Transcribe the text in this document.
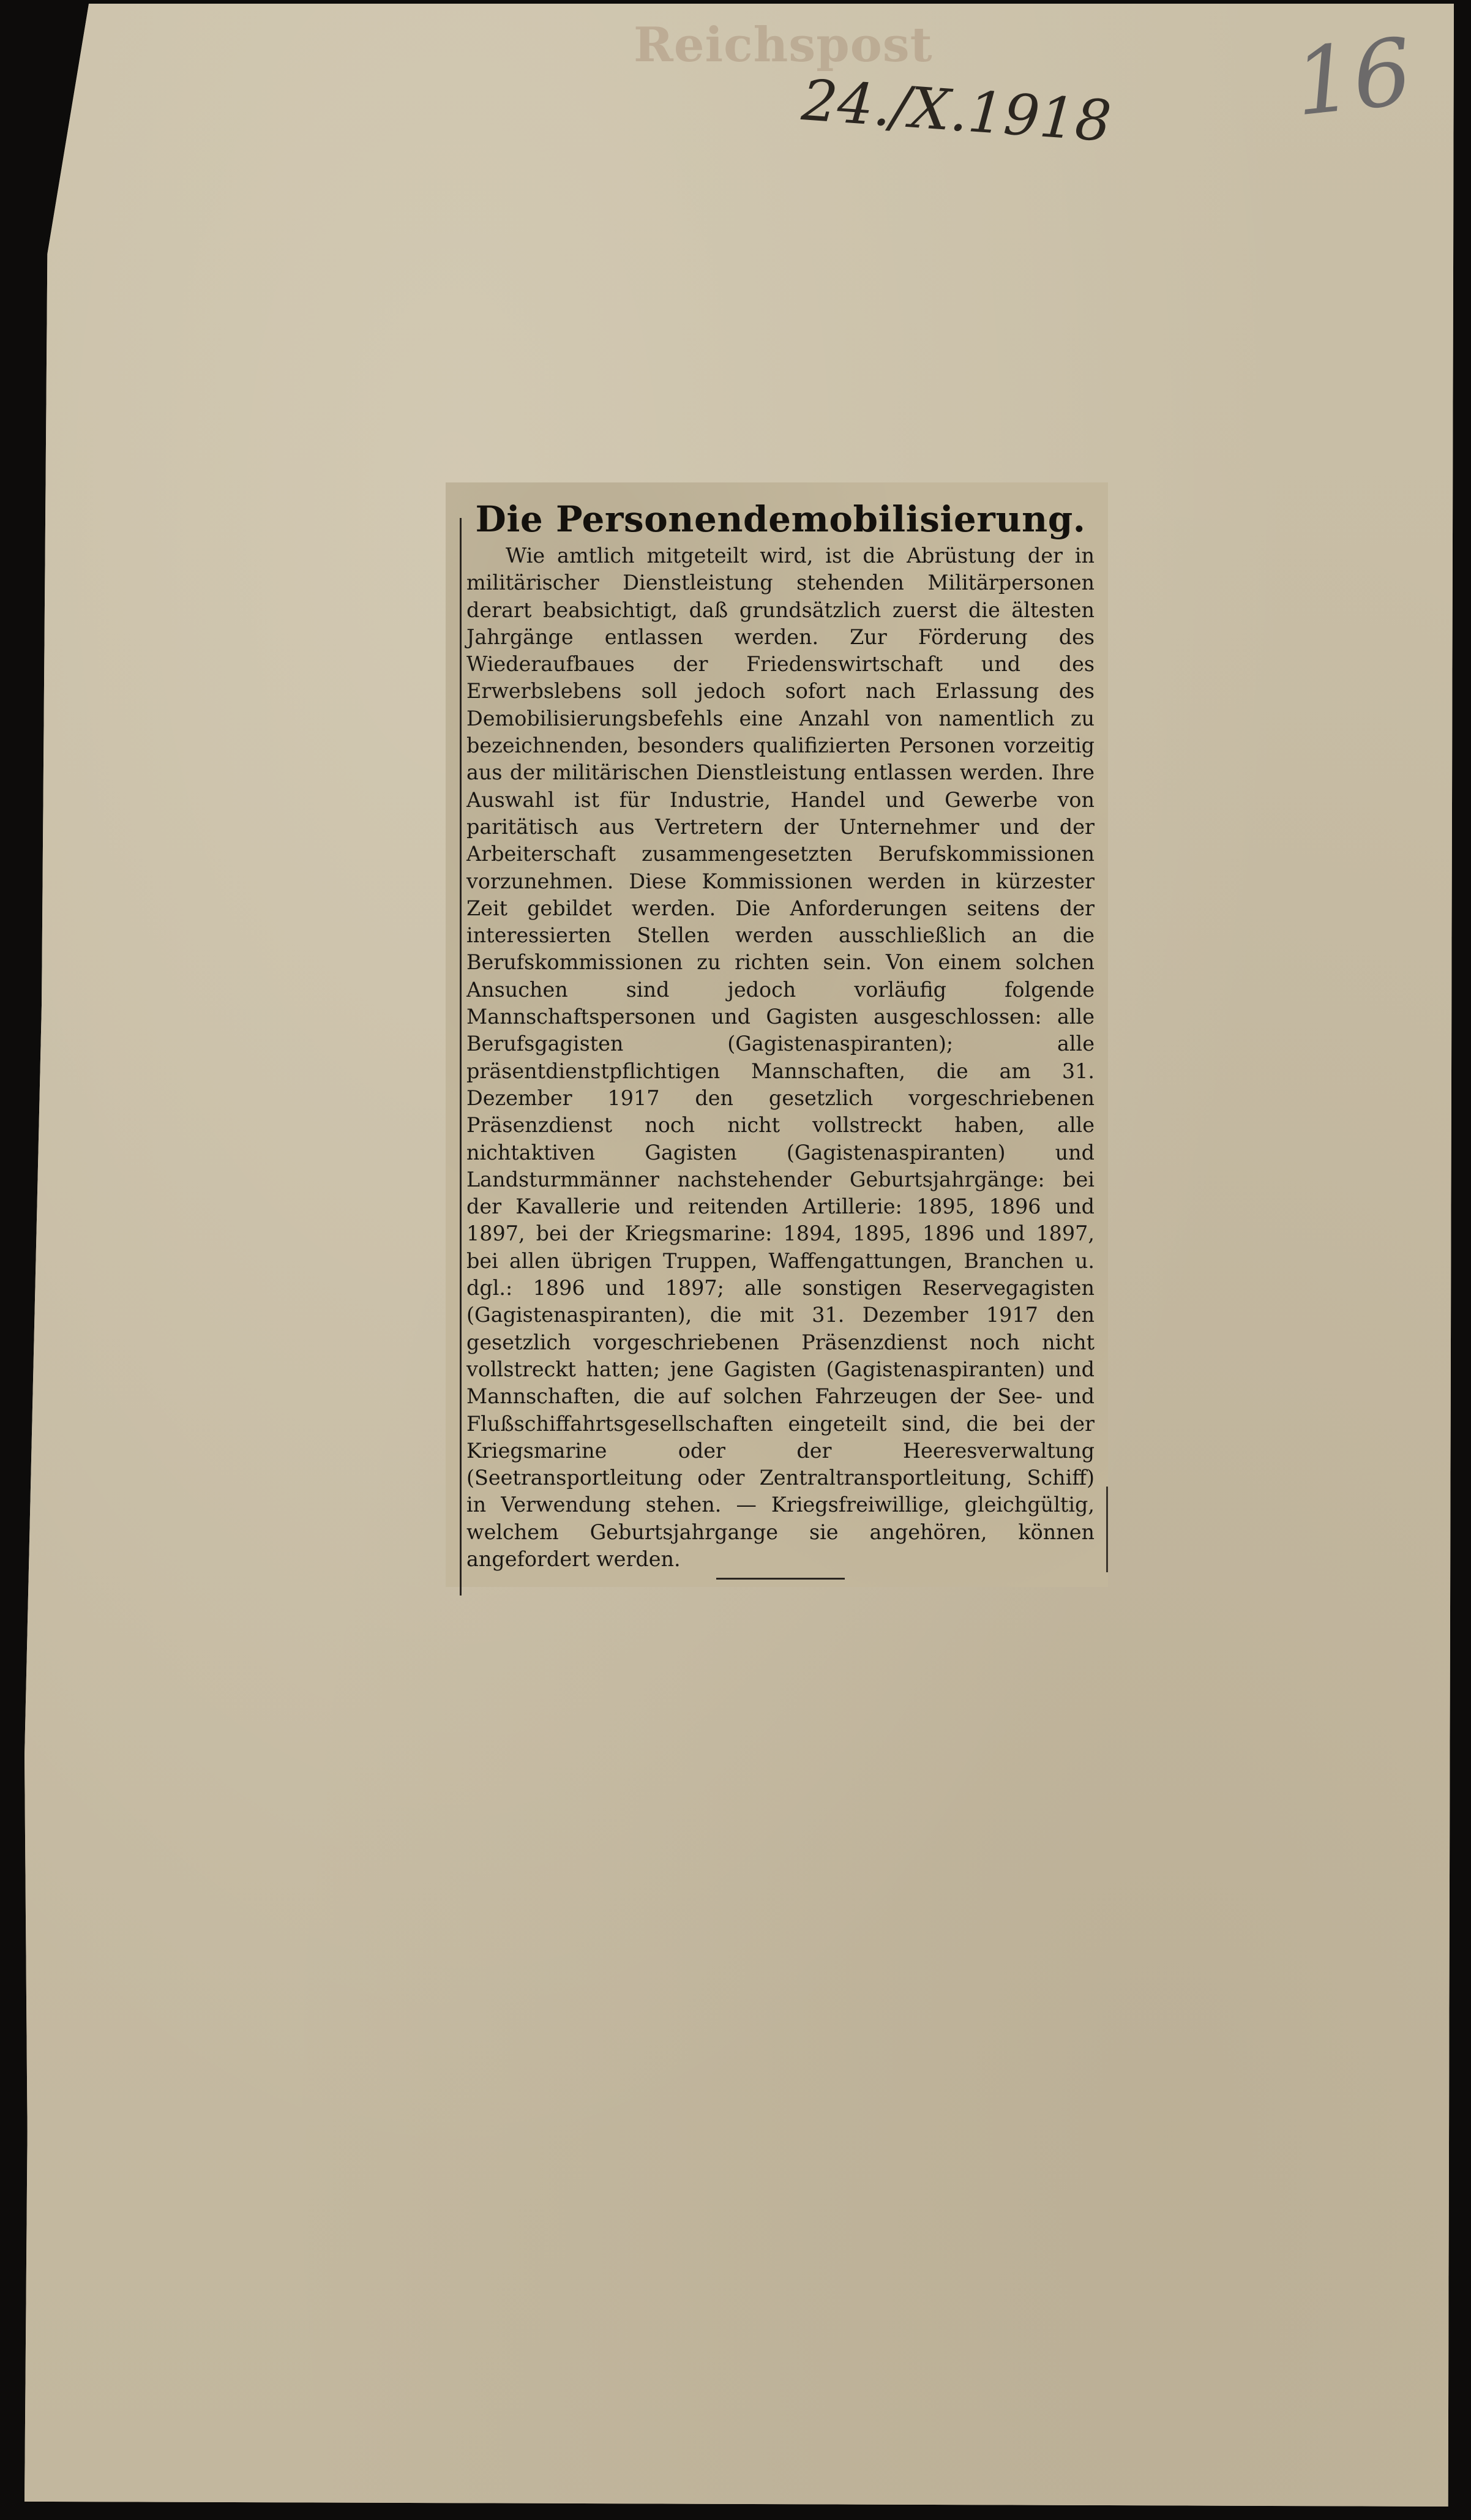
Reichspost
24./X.1918 16
Die Personendemobilisierung.

Wie amtlich mitgeteilt wird, ist die Abrüstung der in militärischer Dienstleistung stehenden Militärpersonen derart beabsichtigt, daß grundsätzlich zuerst die ältesten Jahrgänge entlassen werden. Zur Förderung des Wiederaufbaues der Friedenswirtschaft und des Erwerbslebens soll jedoch sofort nach Erlassung des Demobilisierungsbefehls eine Anzahl von namentlich zu bezeichnenden, besonders qualifizierten Personen vorzeitig aus der militärischen Dienstleistung entlassen werden. Ihre Auswahl ist für Industrie, Handel und Gewerbe von paritätisch aus Vertretern der Unternehmer und der Arbeiterschaft zusammengesetzten Berufskommissionen vorzunehmen. Diese Kommissionen werden in kürzester Zeit gebildet werden. Die Anforderungen seitens der interessierten Stellen werden ausschließlich an die Berufskommissionen zu richten sein. Von einem solchen Ansuchen sind jedoch vorläufig folgende Mannschaftspersonen und Gagisten ausgeschlossen: alle Berufsgagisten (Gagistenaspiranten); alle präsentdienstpflichtigen Mannschaften, die am 31. Dezember 1917 den gesetzlich vorgeschriebenen Präsenzdienst noch nicht vollstreckt haben, alle nichtaktiven Gagisten (Gagistenaspiranten) und Landsturmmänner nachstehender Geburtsjahrgänge: bei der Kavallerie und reitenden Artillerie: 1895, 1896 und 1897, bei der Kriegsmarine: 1894, 1895, 1896 und 1897, bei allen übrigen Truppen, Waffengattungen, Branchen u. dgl.: 1896 und 1897; alle sonstigen Reservegagisten (Gagistenaspiranten), die mit 31. Dezember 1917 den gesetzlich vorgeschriebenen Präsenzdienst noch nicht vollstreckt hatten; jene Gagisten (Gagistenaspiranten) und Mannschaften, die auf solchen Fahrzeugen der See- und Flußschiffahrtsgesellschaften eingeteilt sind, die bei der Kriegsmarine oder der Heeresverwaltung (Seetransportleitung oder Zentraltransportleitung, Schiff) in Verwendung stehen. — Kriegsfreiwillige, gleichgültig, welchem Geburtsjahrgange sie angehören, können angefordert werden.
